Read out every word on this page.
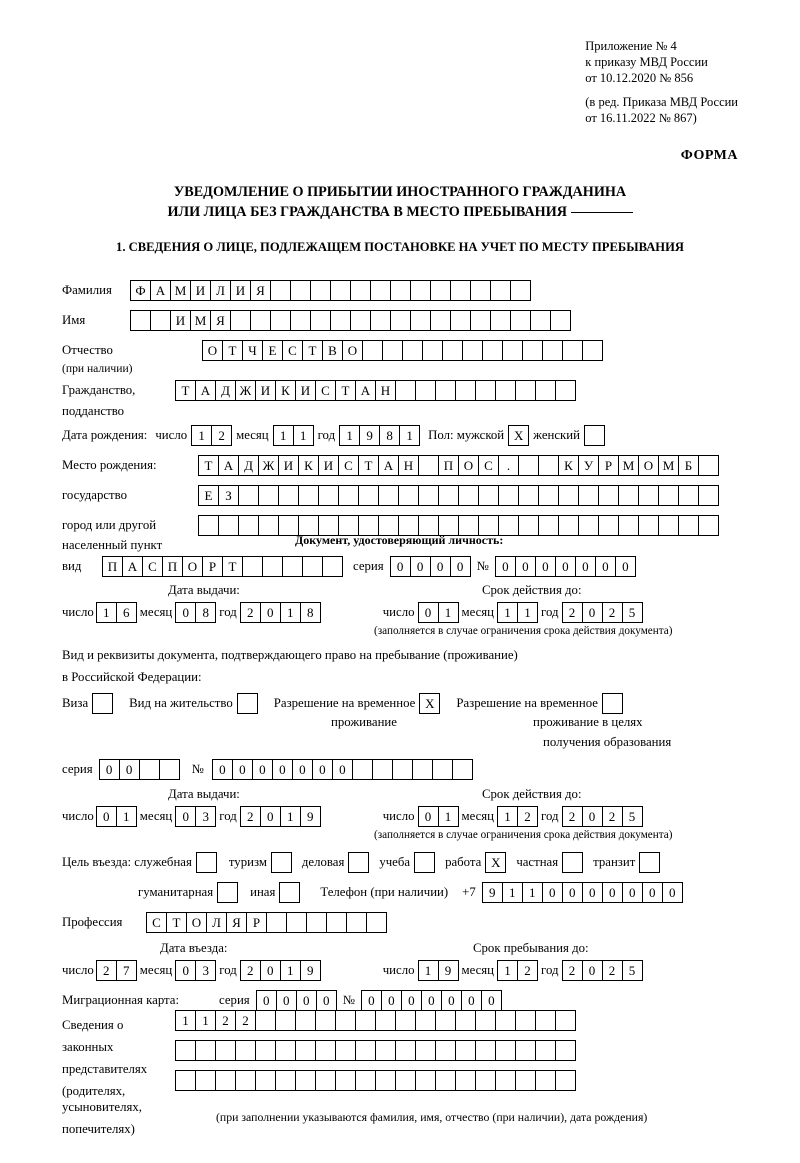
Приложение № 4
к приказу МВД России
от 10.12.2020 № 856
(в ред. Приказа МВД России
от 16.11.2022 № 867)
ФОРМА
УВЕДОМЛЕНИЕ О ПРИБЫТИИ ИНОСТРАННОГО ГРАЖДАНИНА
ИЛИ ЛИЦА БЕЗ ГРАЖДАНСТВА В МЕСТО ПРЕБЫВАНИЯ
1. СВЕДЕНИЯ О ЛИЦЕ, ПОДЛЕЖАЩЕМ ПОСТАНОВКЕ НА УЧЕТ ПО МЕСТУ ПРЕБЫВАНИЯ
Фамилия	Ф А М И Л И Я
Имя	И М Я
Отчество	О Т Ч Е С Т В О
(при наличии)
Гражданство,	Т А Д Ж И К И С Т А Н
подданство
Дата рождения: число 1	2 месяц 1	1 год 1	9	8	1	Пол: мужской Х женский
Место рождения:	Т А Д Ж И К И С Т А Н	П О С	.	К У Р М О М Б
государство	Е З
город или другой
населенный пункт	Документ, удостоверяющий личность:
вид	П А С П О Р Т	серия	0	0	0	0	№	0	0	0	0	0	0	0
Дата выдачи:	Срок действия до:
число 1	6 месяц 0	8 год 2	0	1	8	число 0	1 месяц 1	1 год 2	0	2	5
(заполняется в случае ограничения срока действия документа)
Вид и реквизиты документа, подтверждающего право на пребывание (проживание)
в Российской Федерации:
Виза	Вид на жительство	Разрешение на временное Х	Разрешение на временное
проживание	проживание в целях
получения образования
серия	0	0	№	0	0	0	0	0	0	0
Дата выдачи:	Срок действия до:
число 0	1 месяц 0	3 год 2	0	1	9	число 0	1 месяц 1	2 год 2	0	2	5
(заполняется в случае ограничения срока действия документа)
Цель въезда: служебная	туризм	деловая	учеба	работа Х	частная	транзит
гуманитарная	иная	Телефон (при наличии) +7	9	1	1	0	0	0	0	0	0	0
Профессия	С Т О Л Я Р
Дата въезда:	Срок пребывания до:
число 2	7 месяц 0	3 год 2	0	1	9	число 1	9 месяц 1	2 год 2	0	2	5
Миграционная карта:	серия	0	0	0	0	№	0	0	0	0	0	0	0
Сведения о
законных
представителях
(родителях,
усыновителях,
попечителях)
1	1	2	2
(при заполнении указываются фамилия, имя, отчество (при наличии), дата рождения)
